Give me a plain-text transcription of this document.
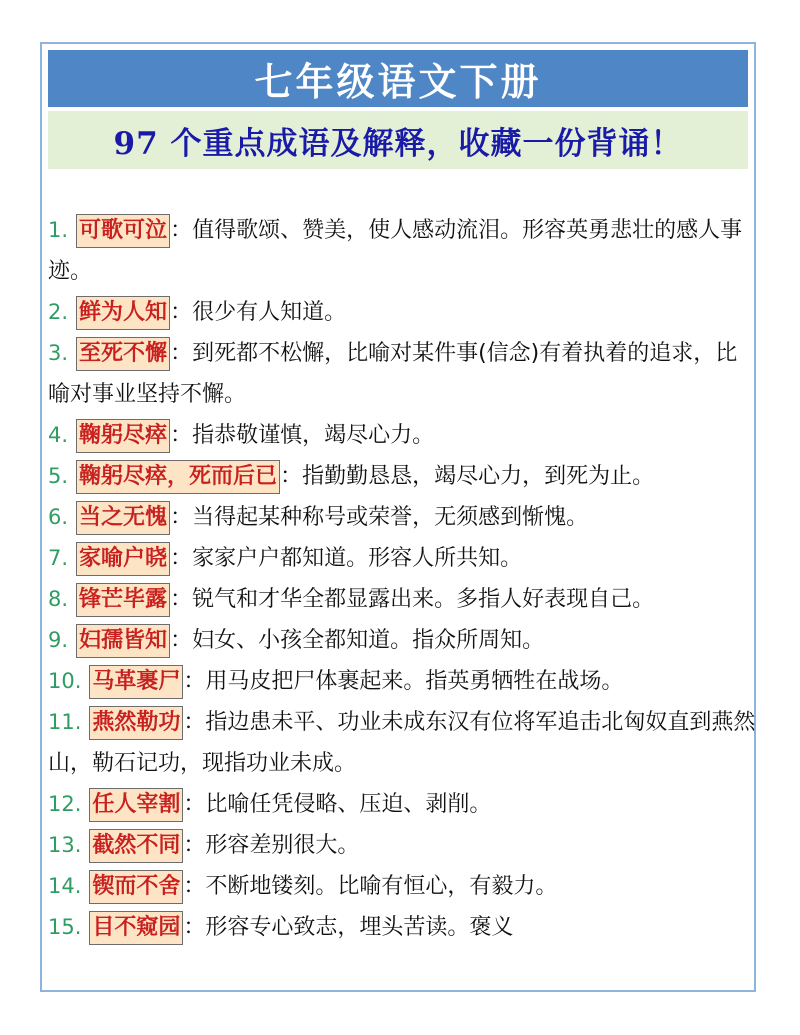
七年级语文下册
97 个重点成语及解释，收藏一份背诵！

1. 可歌可泣 ：值得歌颂、赞美，使人感动流泪。形容英勇悲壮的感人事迹。

2. 鲜为人知 ：很少有人知道。

3. 至死不懈 ：到死都不松懈，比喻对某件事(信念)有着执着的追求，比喻对事业坚持不懈。

4. 鞠躬尽瘁 ：指恭敬谨慎，竭尽心力。

5. 鞠躬尽瘁，死而后已 ：指勤勤恳恳，竭尽心力，到死为止。

6. 当之无愧 ：当得起某种称号或荣誉，无须感到惭愧。

7. 家喻户晓 ：家家户户都知道。形容人所共知。

8. 锋芒毕露 ：锐气和才华全都显露出来。多指人好表现自己。

9. 妇孺皆知 ：妇女、小孩全都知道。指众所周知。

10. 马革裹尸 ：用马皮把尸体裹起来。指英勇牺牲在战场。

11. 燕然勒功 ：指边患未平、功业未成东汉有位将军追击北匈奴直到燕然山，勒石记功，现指功业未成。

12. 任人宰割 ：比喻任凭侵略、压迫、剥削。

13. 截然不同 ：形容差别很大。

14. 锲而不舍 ：不断地镂刻。比喻有恒心，有毅力。

15. 目不窥园 ：形容专心致志，埋头苦读。褒义
